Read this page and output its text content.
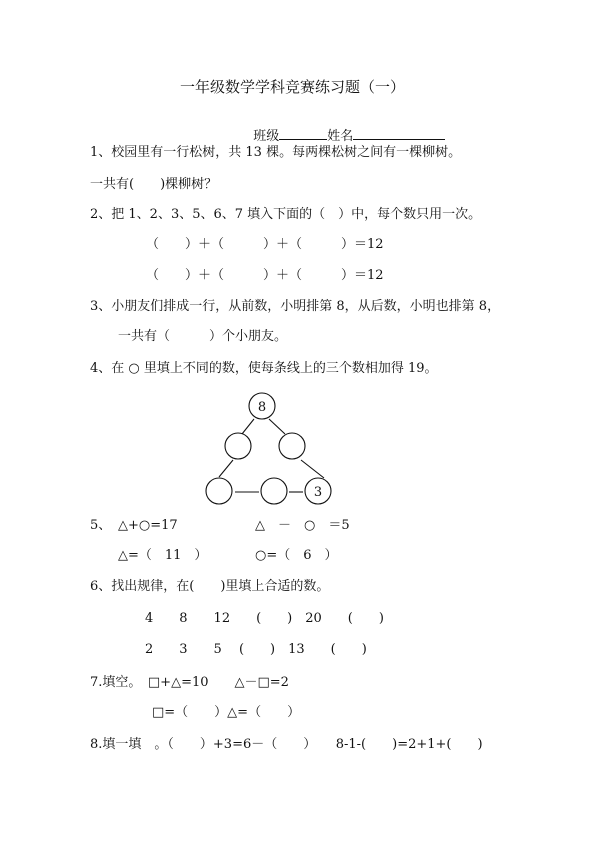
一年级数学学科竞赛练习题（一）

班级	姓名

1、校园里有一行松树，共 13 棵。每两棵松树之间有一棵柳树。
一共有(　　)棵柳树？
2、把 1、2、3、5、6、7 填入下面的（　）中，每个数只用一次。
（　　）＋（　　　）＋（　　　）＝12
（　　）＋（　　　）＋（　　　）＝12
3、小朋友们排成一行，从前数，小明排第 8，从后数，小明也排第 8，
一共有（　　　）个小朋友。
4、在 ○ 里填上不同的数，使每条线上的三个数相加得 19。
8
3
5、 △+○=17	△　－　○　＝5
△=（　11　）	○=（　6　）
6、找出规律，在(　　)里填上合适的数。
4　　8　　12　　(　　)　20　　(　　)
2　　3　　5　 (　　)　13　　(　　)
7.填空。　□+△=10　　△－□=2
□=（　　）△=（　　）
8.填一填　。（　　）+3=6－（　　）　　8-1-(　　)=2+1+(　　)
